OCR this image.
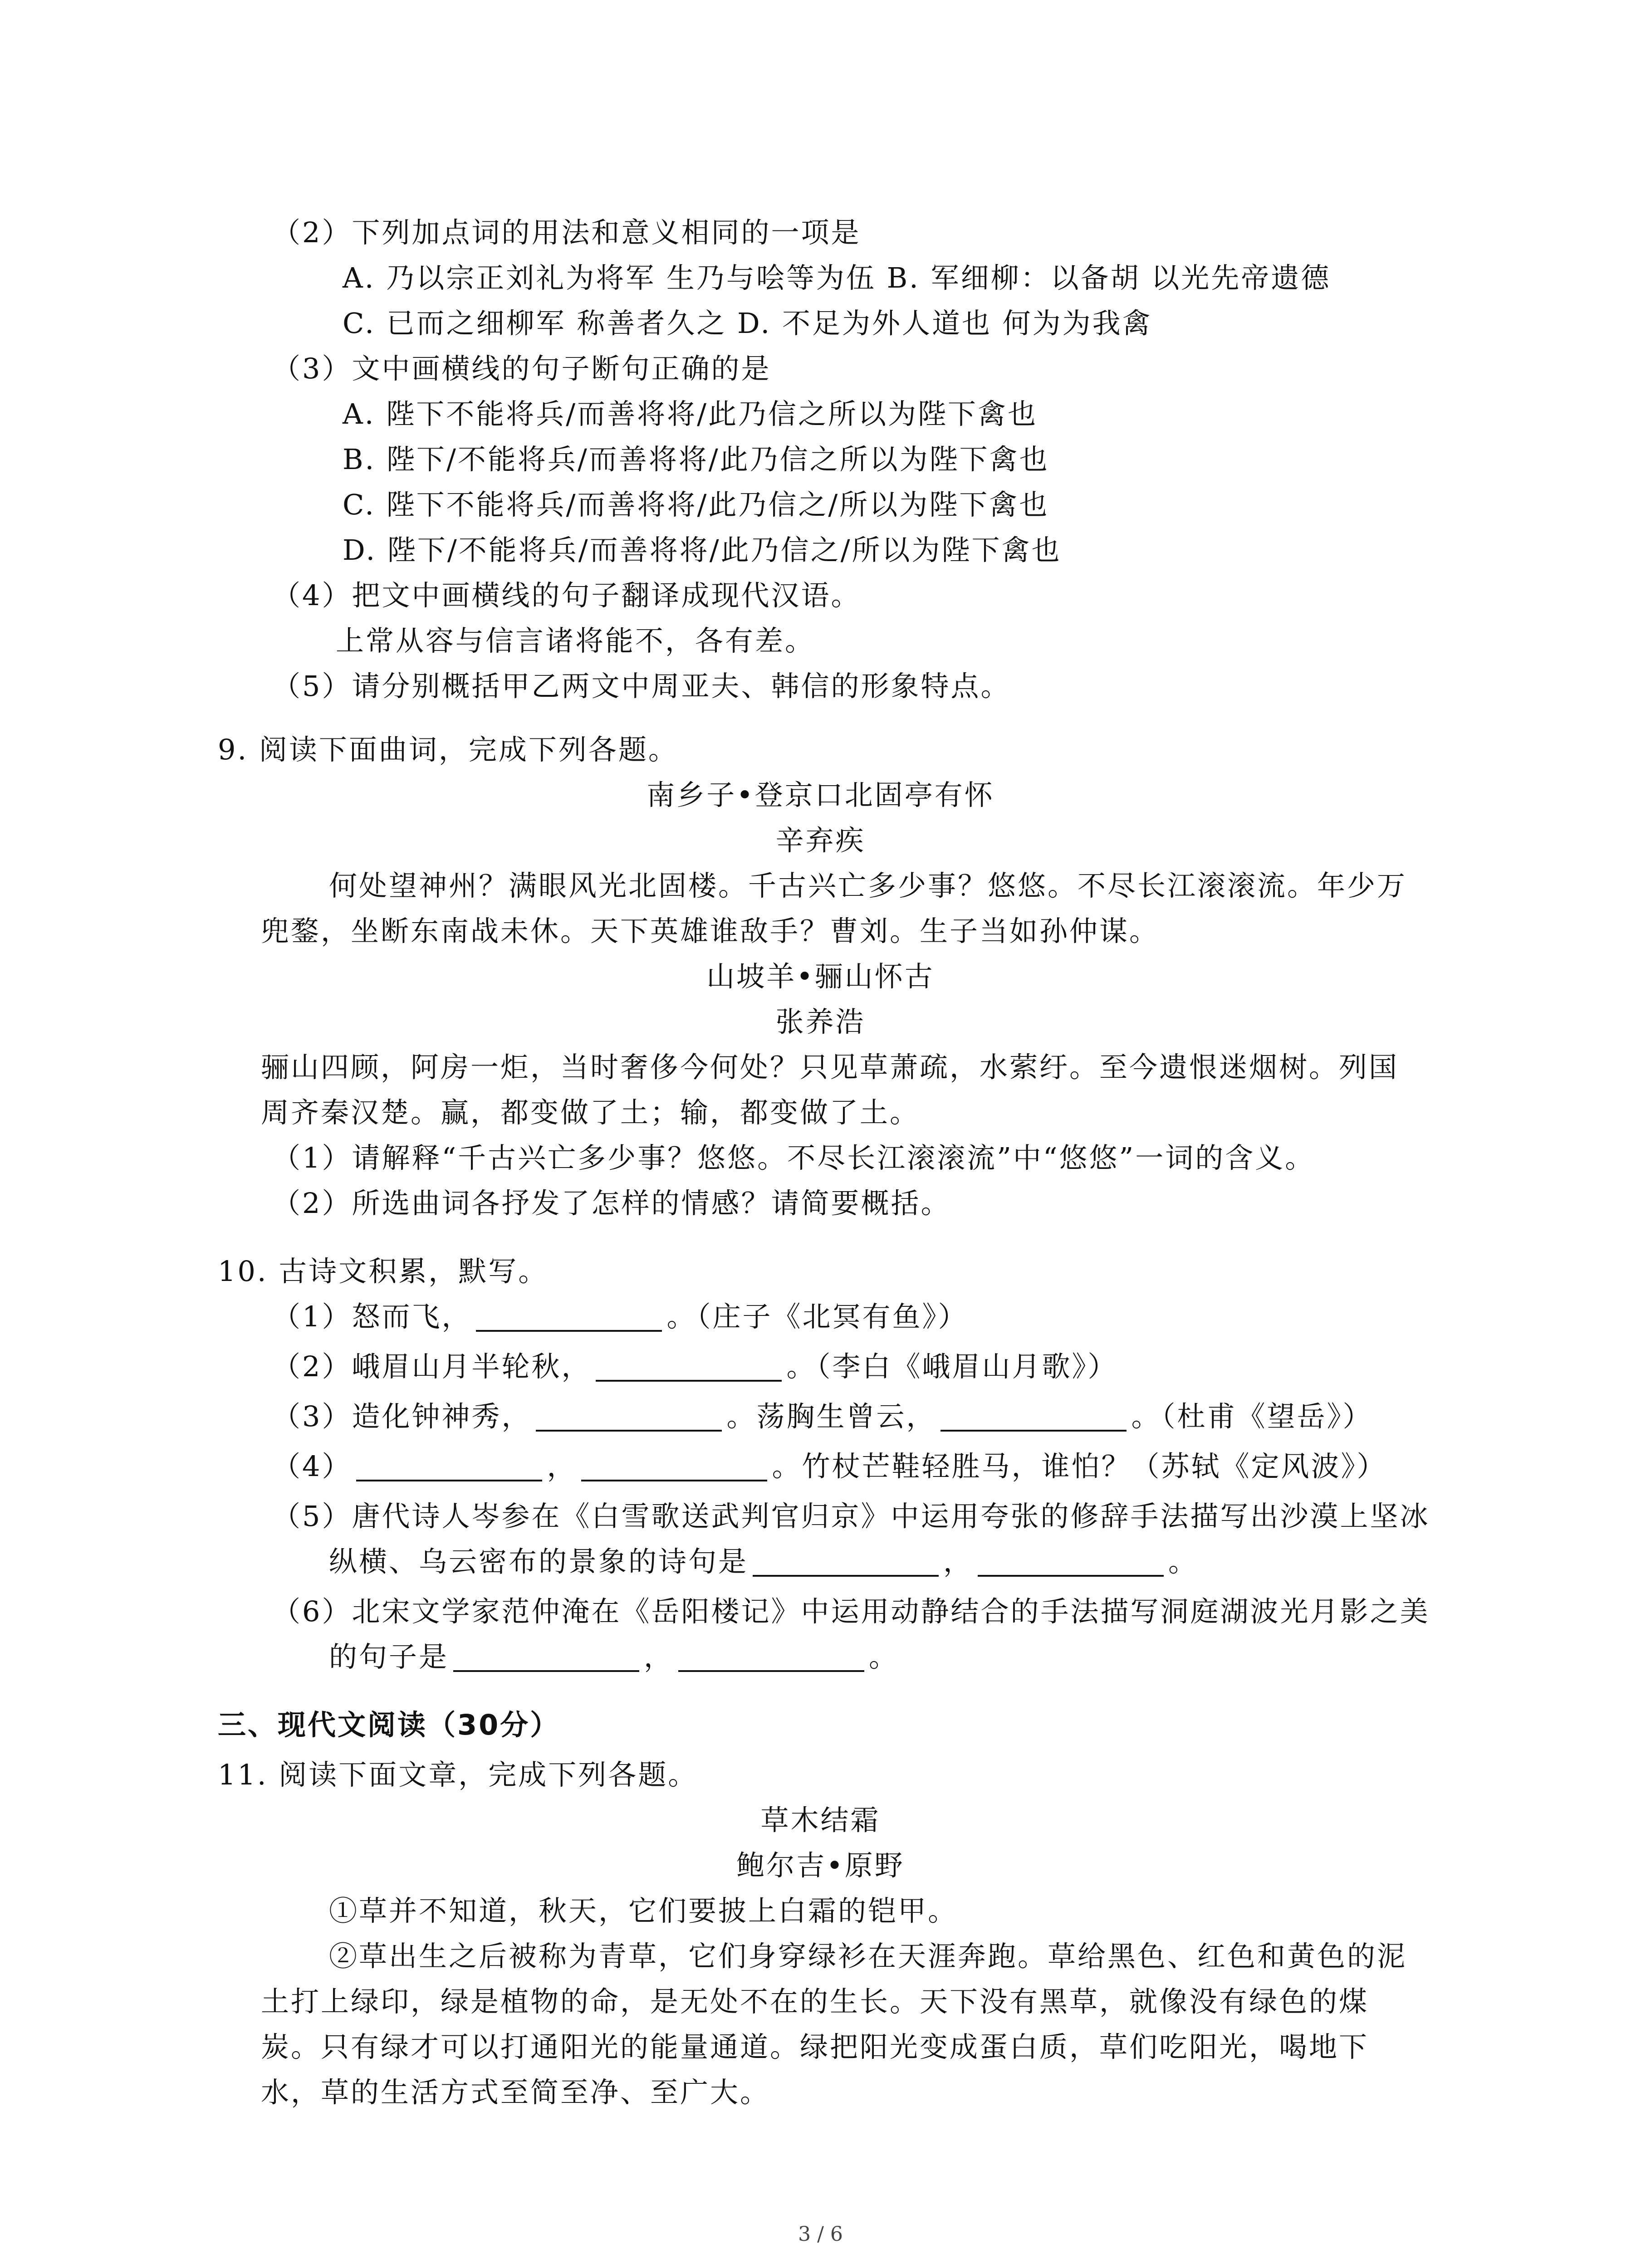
（2）下列加点词的用法和意义相同的一项是
A. 乃以宗正刘礼为将军 生乃与哙等为伍 B. 军细柳：以备胡 以光先帝遗德
C. 已而之细柳军 称善者久之 D. 不足为外人道也 何为为我禽
（3）文中画横线的句子断句正确的是
A. 陛下不能将兵/而善将将/此乃信之所以为陛下禽也
B. 陛下/不能将兵/而善将将/此乃信之所以为陛下禽也
C. 陛下不能将兵/而善将将/此乃信之/所以为陛下禽也
D. 陛下/不能将兵/而善将将/此乃信之/所以为陛下禽也
（4）把文中画横线的句子翻译成现代汉语。
上常从容与信言诸将能不，各有差。
（5）请分别概括甲乙两文中周亚夫、韩信的形象特点。
9. 阅读下面曲词，完成下列各题。
南乡子•登京口北固亭有怀
辛弃疾
何处望神州？满眼风光北固楼。千古兴亡多少事？悠悠。不尽长江滚滚流。年少万
兜鍪，坐断东南战未休。天下英雄谁敌手？曹刘。生子当如孙仲谋。
山坡羊•骊山怀古
张养浩
骊山四顾，阿房一炬，当时奢侈今何处？只见草萧疏，水萦纡。至今遗恨迷烟树。列国
周齐秦汉楚。赢，都变做了土；输，都变做了土。
（1）请解释“千古兴亡多少事？悠悠。不尽长江滚滚流”中“悠悠”一词的含义。
（2）所选曲词各抒发了怎样的情感？请简要概括。
10. 古诗文积累，默写。
（1）怒而飞，	。（庄子《北冥有鱼》）
（2）峨眉山月半轮秋，	。（李白《峨眉山月歌》）
（3）造化钟神秀，	。荡胸生曾云，	。（杜甫《望岳》）
（4）	，	。竹杖芒鞋轻胜马，谁怕？（苏轼《定风波》）
（5）唐代诗人岑参在《白雪歌送武判官归京》中运用夸张的修辞手法描写出沙漠上坚冰
纵横、乌云密布的景象的诗句是	，	。
（6）北宋文学家范仲淹在《岳阳楼记》中运用动静结合的手法描写洞庭湖波光月影之美
的句子是	，	。
三、现代文阅读（30分）
11. 阅读下面文章，完成下列各题。
草木结霜
鲍尔吉•原野
①草并不知道，秋天，它们要披上白霜的铠甲。
②草出生之后被称为青草，它们身穿绿衫在天涯奔跑。草给黑色、红色和黄色的泥
土打上绿印，绿是植物的命，是无处不在的生长。天下没有黑草，就像没有绿色的煤
炭。只有绿才可以打通阳光的能量通道。绿把阳光变成蛋白质，草们吃阳光，喝地下
水，草的生活方式至简至净、至广大。
3 / 6
